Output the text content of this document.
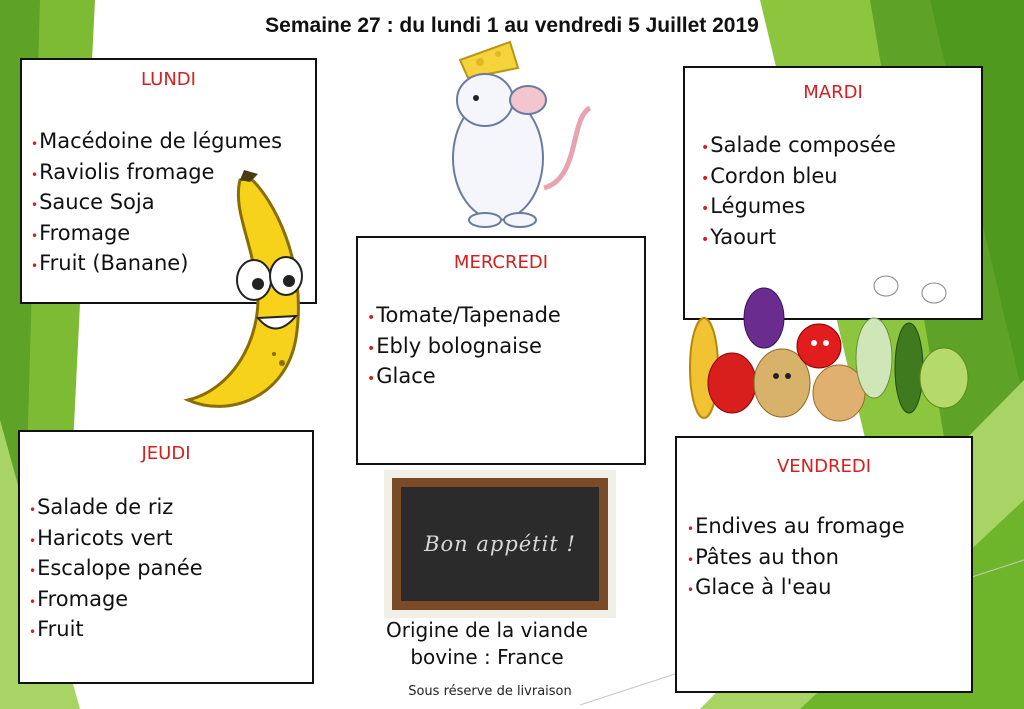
Semaine 27 : du lundi 1 au vendredi 5 Juillet 2019
LUNDI
•Macédoine de légumes
•Raviolis fromage
•Sauce Soja
•Fromage
•Fruit (Banane)
MARDI
•Salade composée
•Cordon bleu
•Légumes
•Yaourt
MERCREDI
•Tomate/Tapenade
•Ebly bolognaise
•Glace
JEUDI
•Salade de riz
•Haricots vert
•Escalope panée
•Fromage
•Fruit
VENDREDI
•Endives au fromage
•Pâtes au thon
•Glace à l'eau
Bon appétit !
Origine de la viande
bovine : France
Sous réserve de livraison
